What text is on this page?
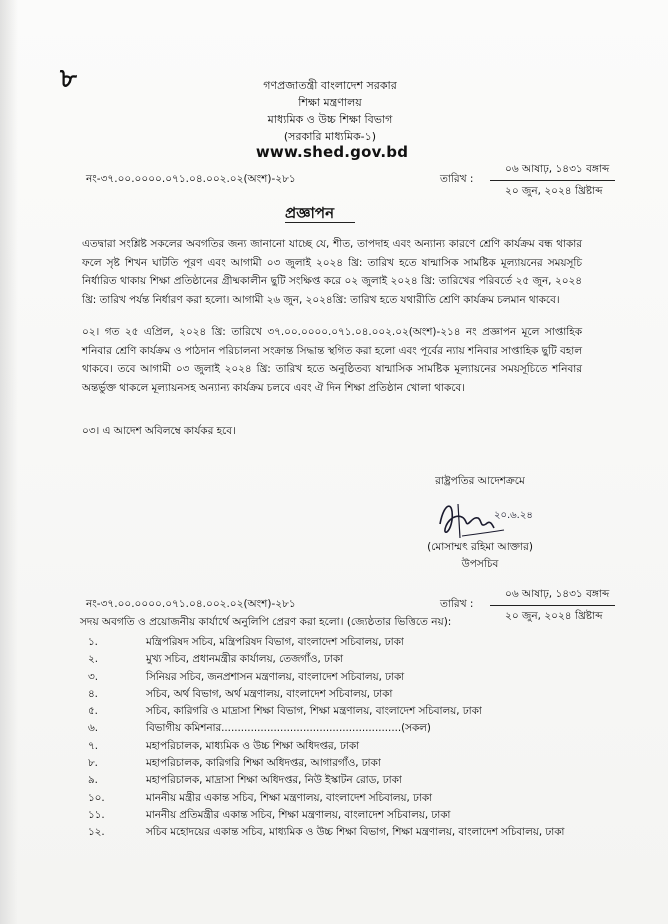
৮	গণপ্রজাতন্ত্রী বাংলাদেশ সরকার
শিক্ষা মন্ত্রণালয়
মাধ্যমিক ও উচ্চ শিক্ষা বিভাগ
(সরকারি মাধ্যমিক-১)
www.shed.gov.bd
নং-৩৭.০০.০০০০.০৭১.০৪.০০২.০২(অংশ)-২৮১	তারিখ :
০৬ আষাঢ়, ১৪৩১ বঙ্গাব্দ
২০ জুন, ২০২৪ খ্রিষ্টাব্দ
প্রজ্ঞাপন
এতদ্বারা সংশ্লিষ্ট সকলের অবগতির জন্য জানানো যাচ্ছে যে, শীত, তাপদাহ এবং অন্যান্য কারণে শ্রেণি কার্যক্রম বন্ধ থাকার ফলে সৃষ্ট শিখন ঘাটতি পূরণ এবং আগামী ০৩ জুলাই ২০২৪ খ্রি: তারিখ হতে ষান্মাসিক সামষ্টিক মূল্যায়নের সময়সূচি নির্ধারিত থাকায় শিক্ষা প্রতিষ্ঠানের গ্রীষ্মকালীন ছুটি সংক্ষিপ্ত করে ০২ জুলাই ২০২৪ খ্রি: তারিখের পরিবর্তে ২৫ জুন, ২০২৪ খ্রি: তারিখ পর্যন্ত নির্ধারণ করা হলো। আগামী ২৬ জুন, ২০২৪খ্রি: তারিখ হতে যথারীতি শ্রেণি কার্যক্রম চলমান থাকবে।
০২। গত ২৫ এপ্রিল, ২০২৪ খ্রি: তারিখে ৩৭.০০.০০০০.০৭১.০৪.০০২.০২(অংশ)-২১৪ নং প্রজ্ঞাপন মূলে সাপ্তাহিক শনিবার শ্রেণি কার্যক্রম ও পাঠদান পরিচালনা সংক্রান্ত সিদ্ধান্ত স্থগিত করা হলো এবং পূর্বের ন্যায় শনিবার সাপ্তাহিক ছুটি বহাল থাকবে। তবে আগামী ০৩ জুলাই ২০২৪ খ্রি: তারিখ হতে অনুষ্ঠিতব্য ষান্মাসিক সামষ্টিক মূল্যায়নের সময়সূচিতে শনিবার অন্তর্ভুক্ত থাকলে মূল্যায়নসহ অন্যান্য কার্যক্রম চলবে এবং ঐ দিন শিক্ষা প্রতিষ্ঠান খোলা থাকবে।
০৩। এ আদেশ অবিলম্বে কার্যকর হবে।
রাষ্ট্রপতির আদেশক্রমে
২০.৬.২৪
(মোসাম্মৎ রহিমা আক্তার)
উপসচিব
নং-৩৭.০০.০০০০.০৭১.০৪.০০২.০২(অংশ)-২৮১	তারিখ :
০৬ আষাঢ়, ১৪৩১ বঙ্গাব্দ
২০ জুন, ২০২৪ খ্রিষ্টাব্দ
সদয় অবগতি ও প্রয়োজনীয় কার্যার্থে অনুলিপি প্রেরণ করা হলো। (জ্যেষ্ঠতার ভিত্তিতে নয়):
১.	মন্ত্রিপরিষদ সচিব, মন্ত্রিপরিষদ বিভাগ, বাংলাদেশ সচিবালয়, ঢাকা
২.	মুখ্য সচিব, প্রধানমন্ত্রীর কার্যালয়, তেজগাঁও, ঢাকা
৩.	সিনিয়র সচিব, জনপ্রশাসন মন্ত্রণালয়, বাংলাদেশ সচিবালয়, ঢাকা
৪.	সচিব, অর্থ বিভাগ, অর্থ মন্ত্রণালয়, বাংলাদেশ সচিবালয়, ঢাকা
৫.	সচিব, কারিগরি ও মাদ্রাসা শিক্ষা বিভাগ, শিক্ষা মন্ত্রণালয়, বাংলাদেশ সচিবালয়, ঢাকা
৬.	বিভাগীয় কমিশনার.......................................................(সকল)
৭.	মহাপরিচালক, মাধ্যমিক ও উচ্চ শিক্ষা অধিদপ্তর, ঢাকা
৮.	মহাপরিচালক, কারিগরি শিক্ষা অধিদপ্তর, আগারগাঁও, ঢাকা
৯.	মহাপরিচালক, মাদ্রাসা শিক্ষা অধিদপ্তর, নিউ ইস্কাটন রোড, ঢাকা
১০.	মাননীয় মন্ত্রীর একান্ত সচিব, শিক্ষা মন্ত্রণালয়, বাংলাদেশ সচিবালয়, ঢাকা
১১.	মাননীয় প্রতিমন্ত্রীর একান্ত সচিব, শিক্ষা মন্ত্রণালয়, বাংলাদেশ সচিবালয়, ঢাকা
১২.	সচিব মহোদয়ের একান্ত সচিব, মাধ্যমিক ও উচ্চ শিক্ষা বিভাগ, শিক্ষা মন্ত্রণালয়, বাংলাদেশ সচিবালয়, ঢাকা
